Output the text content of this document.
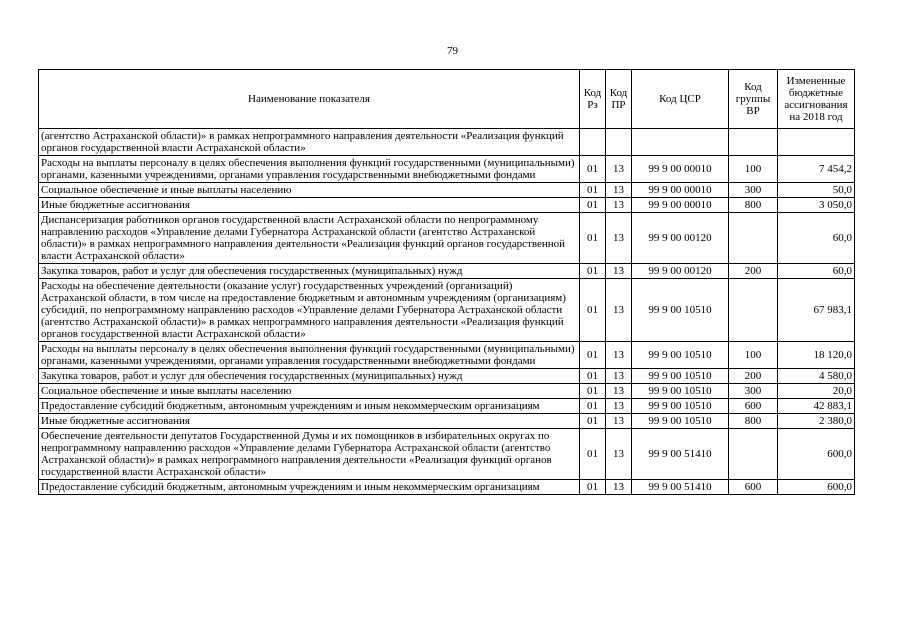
79
Наименование показателя	Код Рз	Код ПР	Код ЦСР	Код группы ВР	Измененные бюджетные ассигнования на 2018 год
(агентство Астраханской области)» в рамках непрограммного направления деятельности «Реализация функций органов государственной власти Астраханской области»					
Расходы на выплаты персоналу в целях обеспечения выполнения функций государственными (муниципальными) органами, казенными учреждениями, органами управления государственными внебюджетными фондами	01	13	99 9 00 00010	100	7 454,2
Социальное обеспечение и иные выплаты населению	01	13	99 9 00 00010	300	50,0
Иные бюджетные ассигнования	01	13	99 9 00 00010	800	3 050,0
Диспансеризация работников органов государственной власти Астраханской области по непрограммному направлению расходов «Управление делами Губернатора Астраханской области (агентство Астраханской области)» в рамках непрограммного направления деятельности «Реализация функций органов государственной власти Астраханской области»	01	13	99 9 00 00120		60,0
Закупка товаров, работ и услуг для обеспечения государственных (муниципальных) нужд	01	13	99 9 00 00120	200	60,0
Расходы на обеспечение деятельности (оказание услуг) государственных учреждений (организаций) Астраханской области, в том числе на предоставление бюджетным и автономным учреждениям (организациям) субсидий, по непрограммному направлению расходов «Управление делами Губернатора Астраханской области (агентство Астраханской области)» в рамках непрограммного направления деятельности «Реализация функций органов государственной власти Астраханской области»	01	13	99 9 00 10510		67 983,1
Расходы на выплаты персоналу в целях обеспечения выполнения функций государственными (муниципальными) органами, казенными учреждениями, органами управления государственными внебюджетными фондами	01	13	99 9 00 10510	100	18 120,0
Закупка товаров, работ и услуг для обеспечения государственных (муниципальных) нужд	01	13	99 9 00 10510	200	4 580,0
Социальное обеспечение и иные выплаты населению	01	13	99 9 00 10510	300	20,0
Предоставление субсидий бюджетным, автономным учреждениям и иным некоммерческим организациям	01	13	99 9 00 10510	600	42 883,1
Иные бюджетные ассигнования	01	13	99 9 00 10510	800	2 380,0
Обеспечение деятельности депутатов Государственной Думы и их помощников в избирательных округах по непрограммному направлению расходов «Управление делами Губернатора Астраханской области (агентство Астраханской области)» в рамках непрограммного направления деятельности «Реализация функций органов государственной власти Астраханской области»	01	13	99 9 00 51410		600,0
Предоставление субсидий бюджетным, автономным учреждениям и иным некоммерческим организациям	01	13	99 9 00 51410	600	600,0
